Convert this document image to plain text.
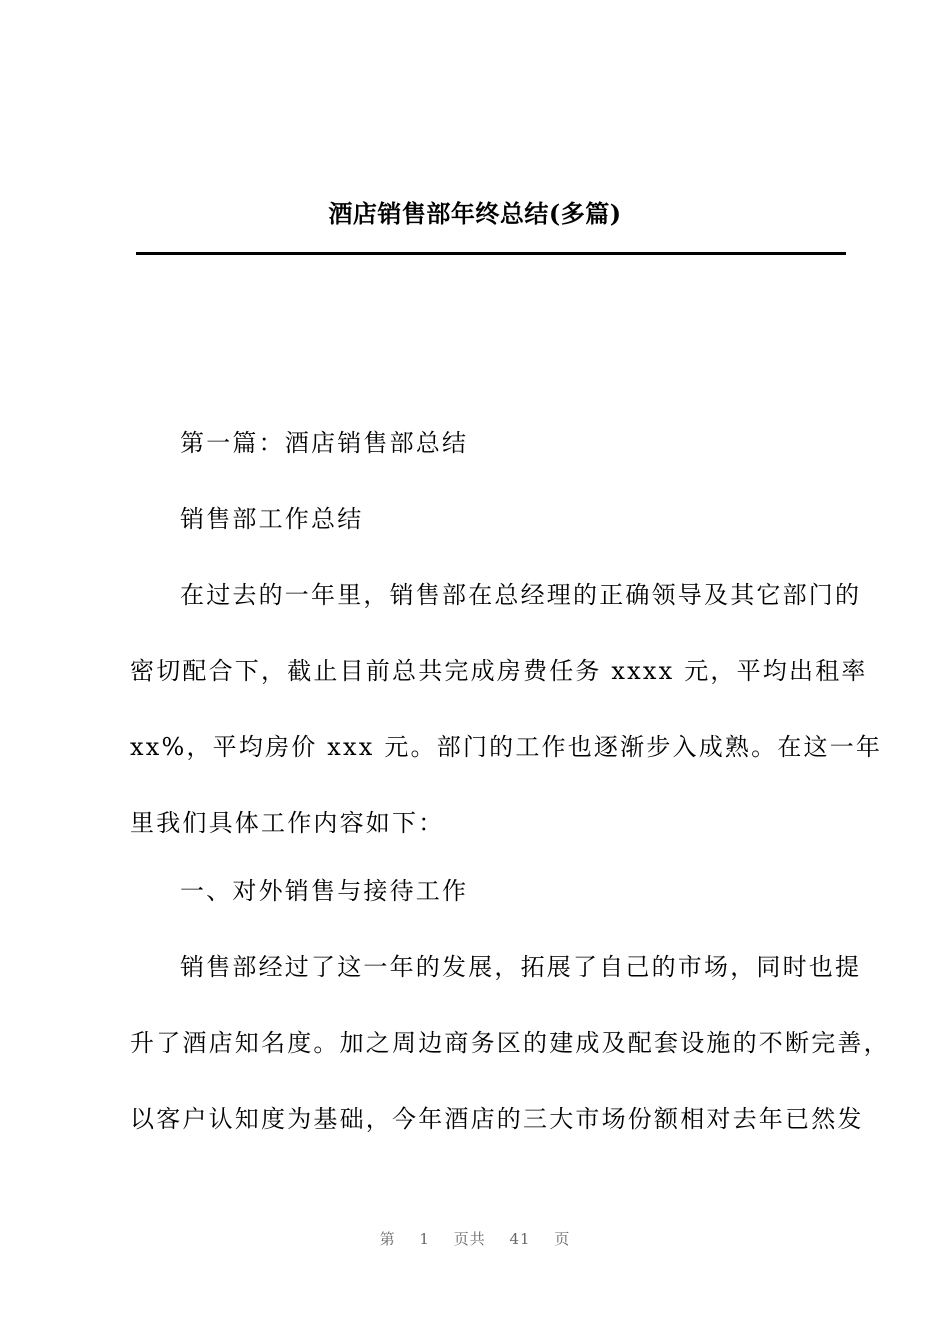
酒店销售部年终总结(多篇)
第一篇：酒店销售部总结
销售部工作总结
在过去的一年里，销售部在总经理的正确领导及其它部门的
密切配合下，截止目前总共完成房费任务 xxxx 元，平均出租率
xx%，平均房价 xxx 元。部门的工作也逐渐步入成熟。在这一年
里我们具体工作内容如下：
一、对外销售与接待工作
销售部经过了这一年的发展，拓展了自己的市场，同时也提
升了酒店知名度。加之周边商务区的建成及配套设施的不断完善，
以客户认知度为基础，今年酒店的三大市场份额相对去年已然发
第 1 页共 41 页
